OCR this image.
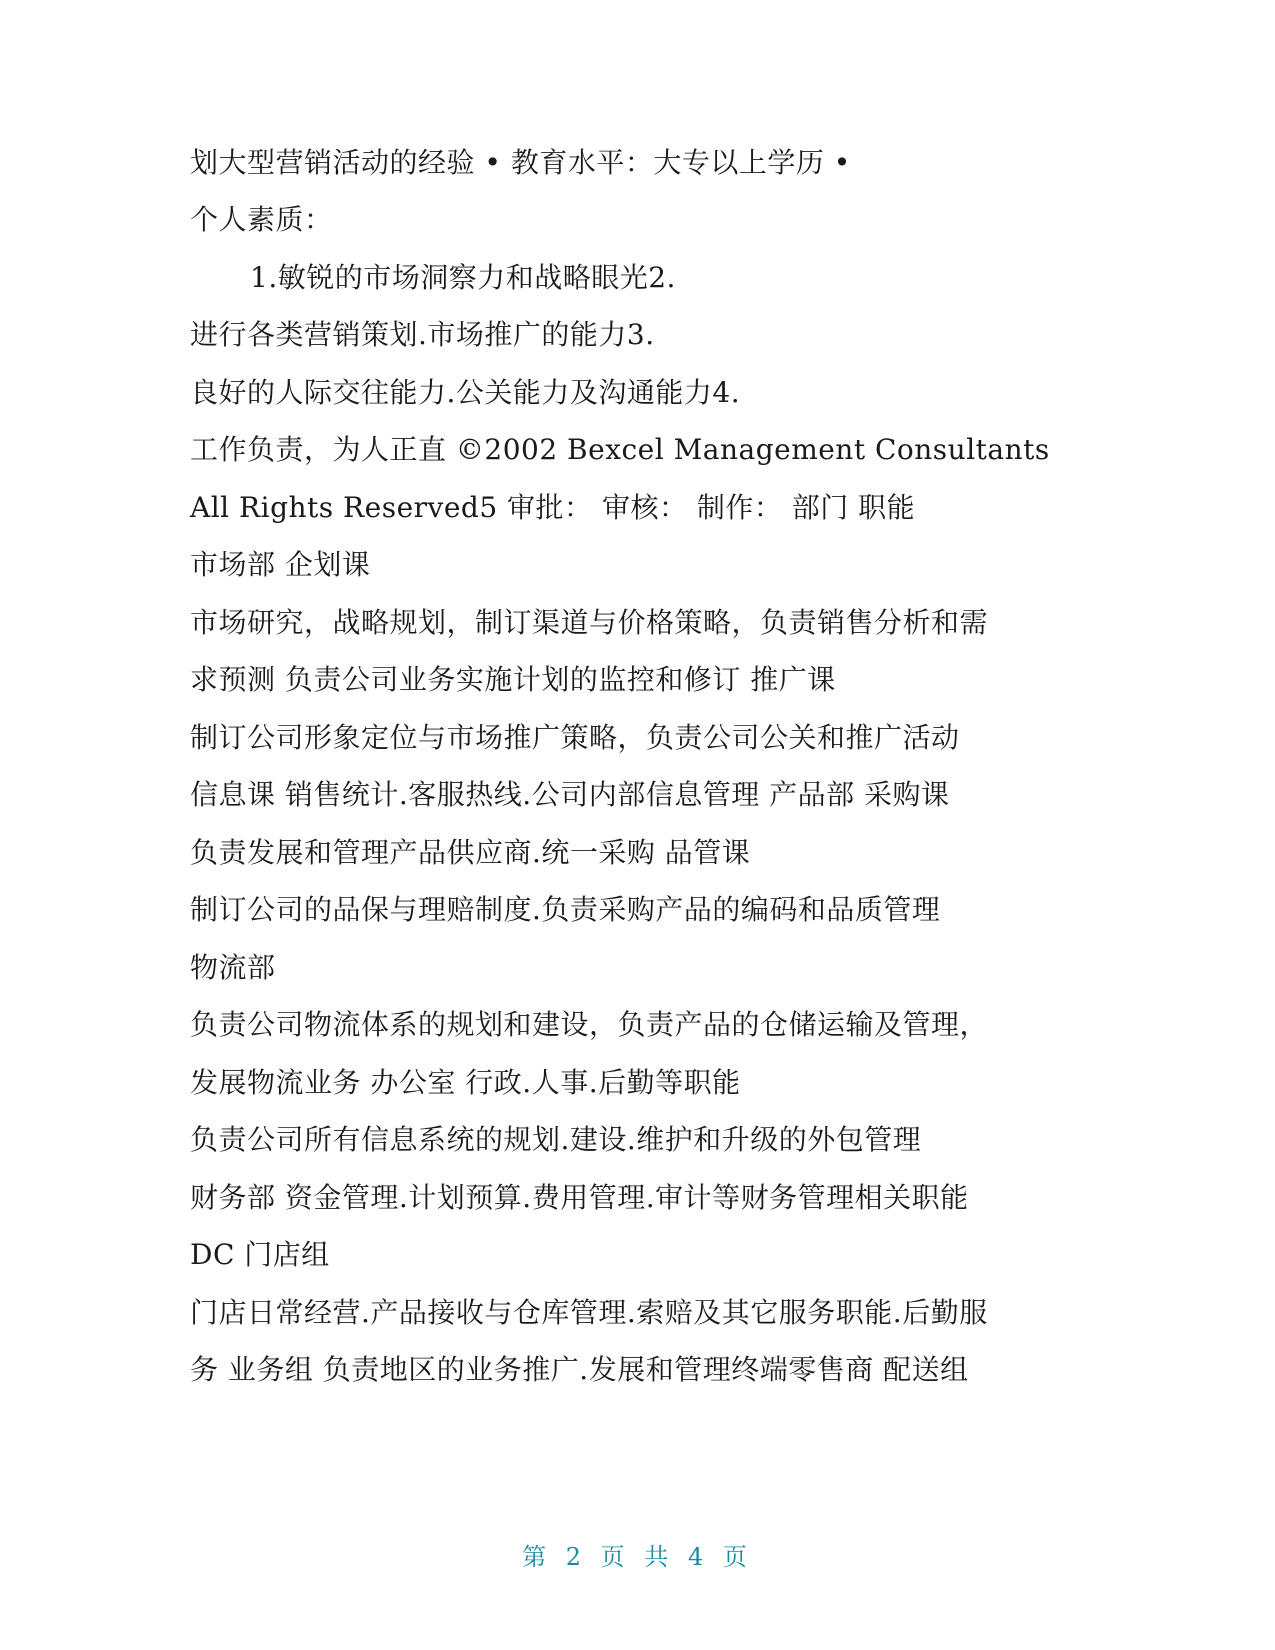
划大型营销活动的经验 • 教育水平：大专以上学历 •
个人素质：
1.敏锐的市场洞察力和战略眼光2.
进行各类营销策划.市场推广的能力3.
良好的人际交往能力.公关能力及沟通能力4.
工作负责，为人正直 ©2002 Bexcel Management Consultants
All Rights Reserved5 审批： 审核： 制作： 部门 职能
市场部 企划课
市场研究，战略规划，制订渠道与价格策略，负责销售分析和需
求预测 负责公司业务实施计划的监控和修订 推广课
制订公司形象定位与市场推广策略，负责公司公关和推广活动
信息课 销售统计.客服热线.公司内部信息管理 产品部 采购课
负责发展和管理产品供应商.统一采购 品管课
制订公司的品保与理赔制度.负责采购产品的编码和品质管理
物流部
负责公司物流体系的规划和建设，负责产品的仓储运输及管理，
发展物流业务 办公室 行政.人事.后勤等职能
负责公司所有信息系统的规划.建设.维护和升级的外包管理
财务部 资金管理.计划预算.费用管理.审计等财务管理相关职能
DC 门店组
门店日常经营.产品接收与仓库管理.索赔及其它服务职能.后勤服
务 业务组 负责地区的业务推广.发展和管理终端零售商 配送组
第 2 页 共 4 页
